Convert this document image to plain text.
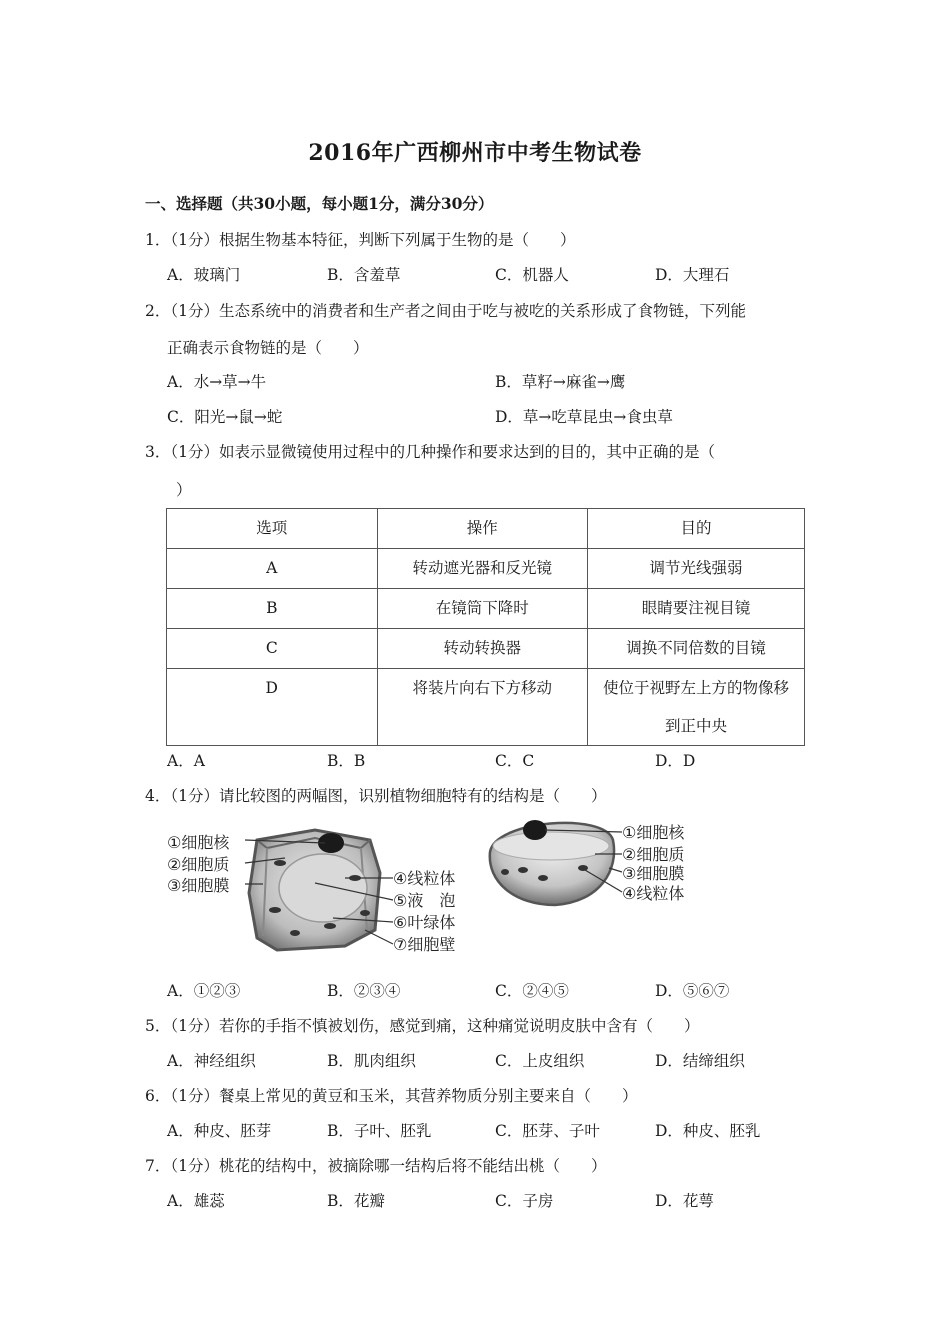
2016年广西柳州市中考生物试卷
一、选择题（共30小题，每小题1分，满分30分）
1．（1分）根据生物基本特征，判断下列属于生物的是（　　）
A．玻璃门	B．含羞草	C．机器人	D．大理石
2．（1分）生态系统中的消费者和生产者之间由于吃与被吃的关系形成了食物链，下列能
正确表示食物链的是（　　）
A．水→草→牛	B．草籽→麻雀→鹰
C．阳光→鼠→蛇	D．草→吃草昆虫→食虫草
3．（1分）如表示显微镜使用过程中的几种操作和要求达到的目的，其中正确的是（
）
选项	操作	目的
A	转动遮光器和反光镜	调节光线强弱
B	在镜筒下降时	眼睛要注视目镜
C	转动转换器	调换不同倍数的目镜
D	将装片向右下方移动	使位于视野左上方的物像移
到正中央
A．A	B．B	C．C	D．D
4．（1分）请比较图的两幅图，识别植物细胞特有的结构是（　　）
①细胞核
②细胞质
③细胞膜	④线粒体
⑤液　泡
⑥叶绿体
⑦细胞壁
①细胞核
②细胞质
③细胞膜
④线粒体
A．①②③	B．②③④	C．②④⑤	D．⑤⑥⑦
5．（1分）若你的手指不慎被划伤，感觉到痛，这种痛觉说明皮肤中含有（　　）
A．神经组织	B．肌肉组织	C．上皮组织	D．结缔组织
6．（1分）餐桌上常见的黄豆和玉米，其营养物质分别主要来自（　　）
A．种皮、胚芽	B．子叶、胚乳	C．胚芽、子叶	D．种皮、胚乳
7．（1分）桃花的结构中，被摘除哪一结构后将不能结出桃（　　）
A．雄蕊	B．花瓣	C．子房	D．花萼
